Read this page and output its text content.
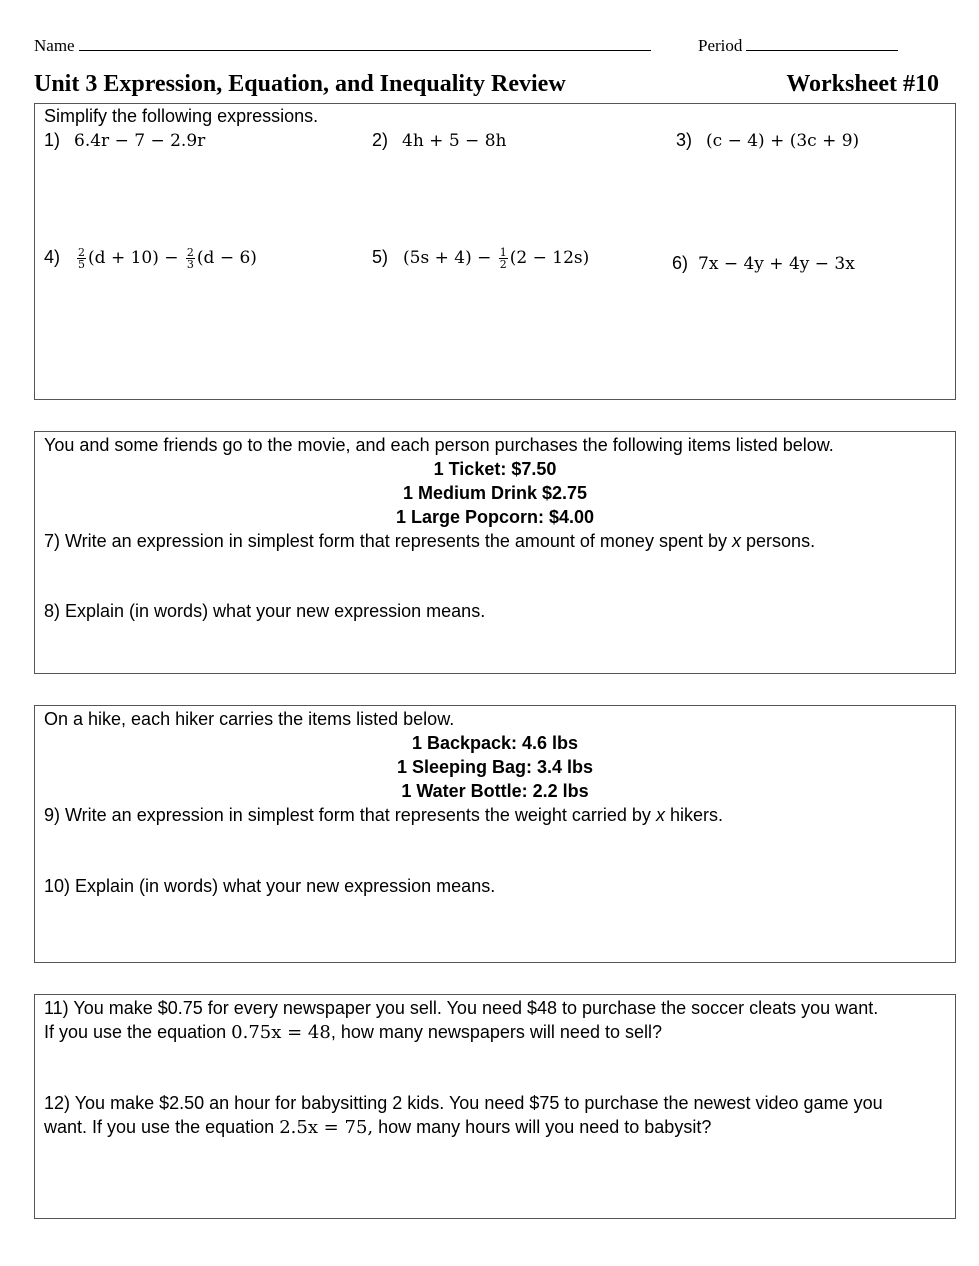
Name	Period
Unit 3 Expression, Equation, and Inequality Review	Worksheet #10
Simplify the following expressions.
1) 6.4r − 7 − 2.9r	2) 4h + 5 − 8h	3) (c − 4) + (3c + 9)
$4) \frac{2}{5} (d + 10) - \frac{2}{3} (d - 6)$	5) $(5s + 4) - \frac{1}{2} (2 - 12s)$	6) 7x − 4y + 4y − 3x
You and some friends go to the movie, and each person purchases the following items listed below.
1 Ticket: $7.50
1 Medium Drink $2.75
1 Large Popcorn: $4.00
7) Write an expression in simplest form that represents the amount of money spent by x persons.
8) Explain (in words) what your new expression means.
On a hike, each hiker carries the items listed below.
1 Backpack: 4.6 lbs
1 Sleeping Bag: 3.4 lbs
1 Water Bottle: 2.2 lbs
9) Write an expression in simplest form that represents the weight carried by x hikers.
10) Explain (in words) what your new expression means.
11) You make $0.75 for every newspaper you sell. You need $48 to purchase the soccer cleats you want.
If you use the equation 0.75x = 48, how many newspapers will need to sell?
12) You make $2.50 an hour for babysitting 2 kids. You need $75 to purchase the newest video game you
want. If you use the equation 2.5x = 75, how many hours will you need to babysit?
